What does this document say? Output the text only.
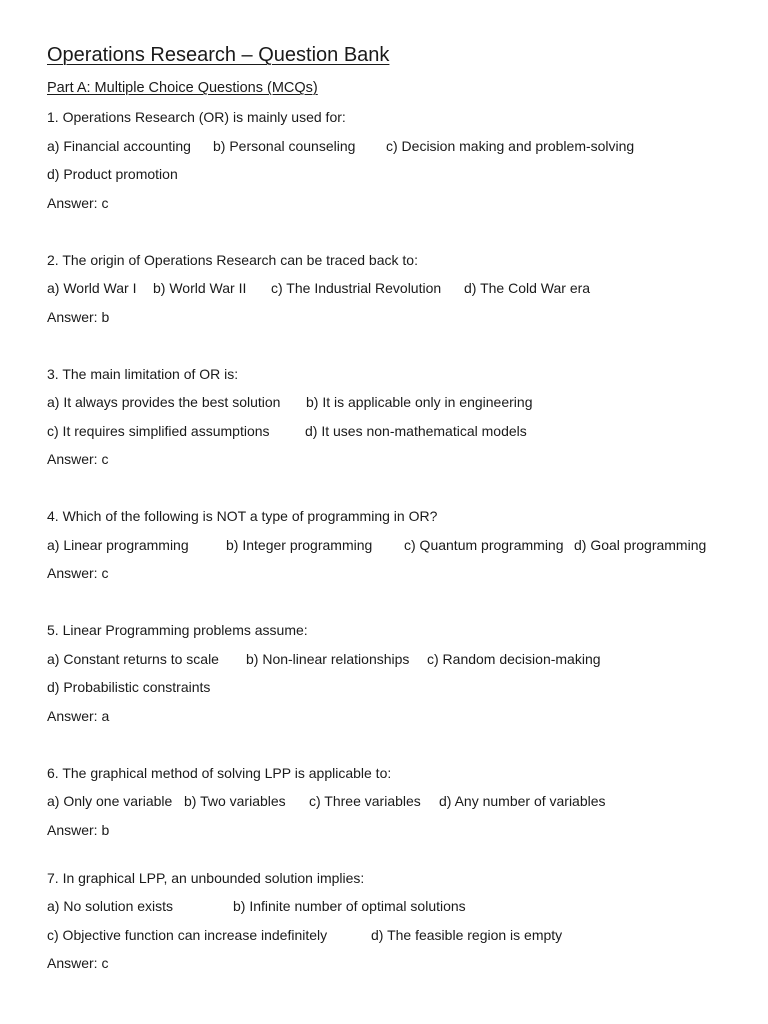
Operations Research – Question Bank
Part A: Multiple Choice Questions (MCQs)
1. Operations Research (OR) is mainly used for:
a) Financial accounting b) Personal counseling c) Decision making and problem-solving
d) Product promotion
Answer: c
2. The origin of Operations Research can be traced back to:
a) World War I b) World War II c) The Industrial Revolution d) The Cold War era
Answer: b
3. The main limitation of OR is:
a) It always provides the best solution b) It is applicable only in engineering
c) It requires simplified assumptions	d) It uses non-mathematical models
Answer: c
4. Which of the following is NOT a type of programming in OR?
a) Linear programming	b) Integer programming c) Quantum programming d) Goal programming
Answer: c
5. Linear Programming problems assume:
a) Constant returns to scale b) Non-linear relationships c) Random decision-making
d) Probabilistic constraints
Answer: a
6. The graphical method of solving LPP is applicable to:
a) Only one variable b) Two variables c) Three variables d) Any number of variables
Answer: b
7. In graphical LPP, an unbounded solution implies:
a) No solution exists	b) Infinite number of optimal solutions
c) Objective function can increase indefinitely	d) The feasible region is empty
Answer: c
